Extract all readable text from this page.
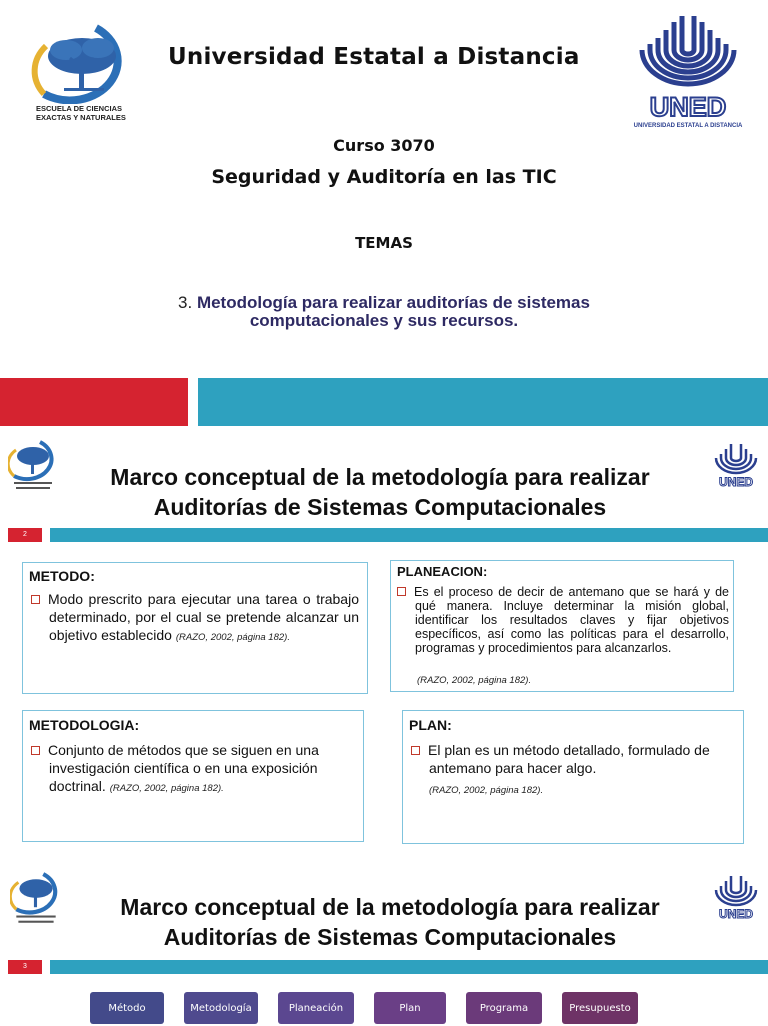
ESCUELA DE CIENCIAS
EXACTAS Y NATURALES
Universidad Estatal a Distancia
UNED
UNIVERSIDAD ESTATAL A DISTANCIA
Curso 3070
Seguridad y Auditoría en las TIC
TEMAS
3. Metodología para realizar auditorías de sistemas
computacionales y sus recursos.
UNED
Marco conceptual de la metodología para realizar
Auditorías de Sistemas Computacionales
2
METODO:
Modo prescrito para ejecutar una tarea o trabajo determinado, por el cual se pretende alcanzar un objetivo establecido (RAZO, 2002, página 182).
PLANEACION:
Es el proceso de decir de antemano que se hará y de qué manera. Incluye determinar la misión global, identificar los resultados claves y fijar objetivos específicos, así como las políticas para el desarrollo, programas y procedimientos para alcanzarlos.
(RAZO, 2002, página 182).
METODOLOGIA:
Conjunto de métodos que se siguen en una investigación científica o en una exposición doctrinal. (RAZO, 2002, página 182).
PLAN:
El plan es un método detallado, formulado de antemano para hacer algo.
(RAZO, 2002, página 182).
UNED
Marco conceptual de la metodología para realizar
Auditorías de Sistemas Computacionales
3
Método	Metodología	Planeación	Plan	Programa	Presupuesto
